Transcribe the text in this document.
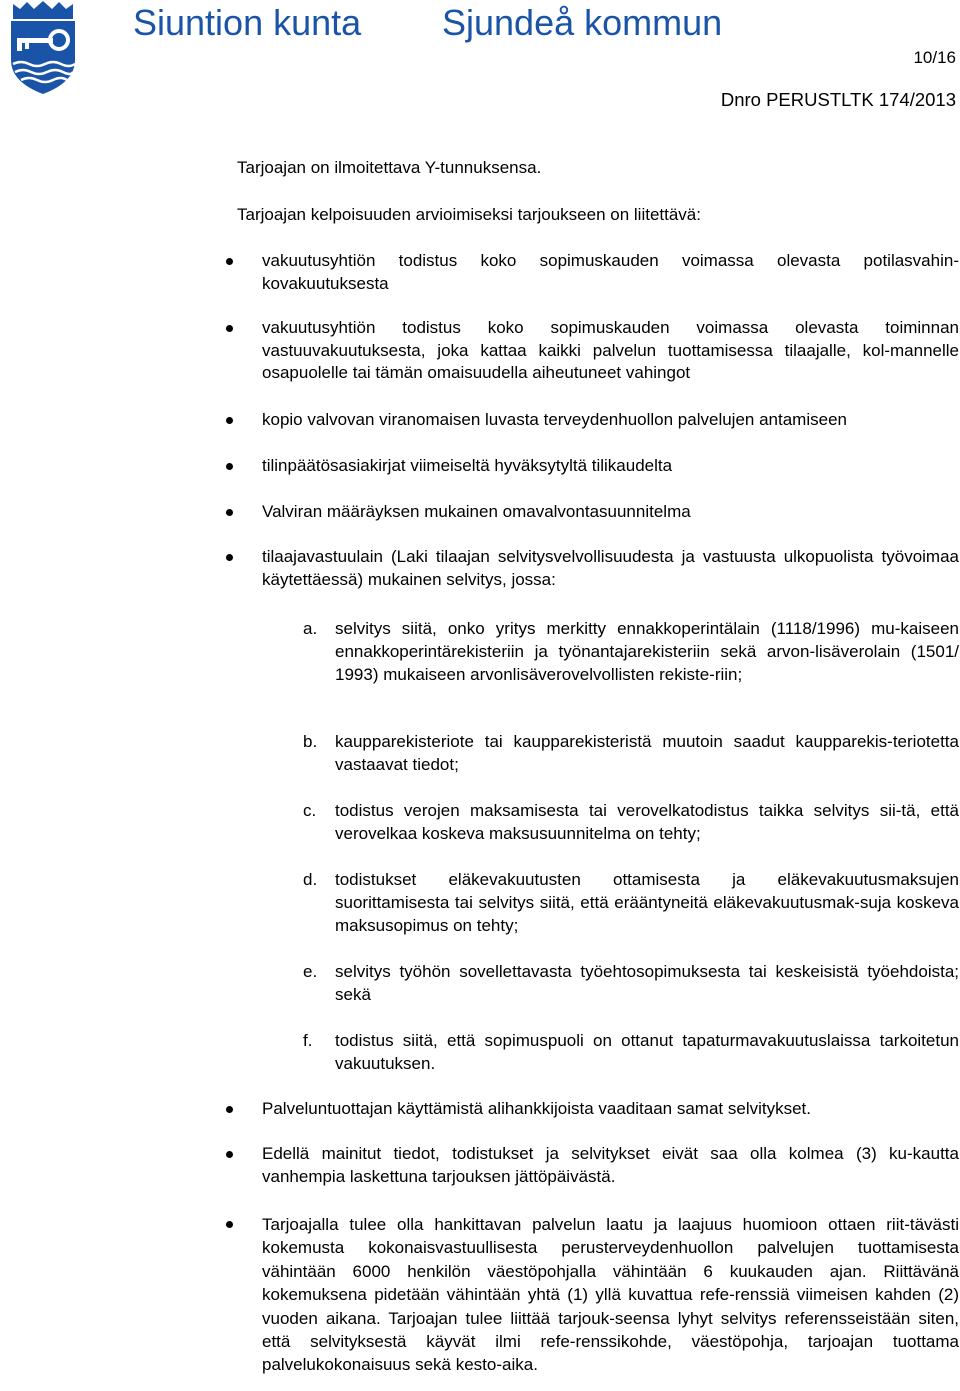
Siuntion kunta Sjundeå kommun
10/16
Dnro PERUSTLTK 174/2013
Tarjoajan on ilmoitettava Y-tunnuksensa.
Tarjoajan kelpoisuuden arvioimiseksi tarjoukseen on liitettävä:
vakuutusyhtiön todistus koko sopimuskauden voimassa olevasta potilasvahin-kovakuutuksesta
vakuutusyhtiön todistus koko sopimuskauden voimassa olevasta toiminnan vastuuvakuutuksesta, joka kattaa kaikki palvelun tuottamisessa tilaajalle, kol-mannelle osapuolelle tai tämän omaisuudella aiheutuneet vahingot
kopio valvovan viranomaisen luvasta terveydenhuollon palvelujen antamiseen
tilinpäätösasiakirjat viimeiseltä hyväksytyltä tilikaudelta
Valviran määräyksen mukainen omavalvontasuunnitelma
tilaajavastuulain (Laki tilaajan selvitysvelvollisuudesta ja vastuusta ulkopuolista työvoimaa käytettäessä) mukainen selvitys, jossa:
a. selvitys siitä, onko yritys merkitty ennakkoperintälain (1118/1996) mu-kaiseen ennakkoperintärekisteriin ja työnantajarekisteriin sekä arvon-lisäverolain (1501/ 1993) mukaiseen arvonlisäverovelvollisten rekiste-riin;
b. kaupparekisteriote tai kaupparekisteristä muutoin saadut kaupparekis-teriotetta vastaavat tiedot;
c. todistus verojen maksamisesta tai verovelkatodistus taikka selvitys sii-tä, että verovelkaa koskeva maksusuunnitelma on tehty;
d. todistukset eläkevakuutusten ottamisesta ja eläkevakuutusmaksujen suorittamisesta tai selvitys siitä, että erääntyneitä eläkevakuutusmak-suja koskeva maksusopimus on tehty;
e. selvitys työhön sovellettavasta työehtosopimuksesta tai keskeisistä työehdoista; sekä
f. todistus siitä, että sopimuspuoli on ottanut tapaturmavakuutuslaissa tarkoitetun vakuutuksen.
Palveluntuottajan käyttämistä alihankkijoista vaaditaan samat selvitykset.
Edellä mainitut tiedot, todistukset ja selvitykset eivät saa olla kolmea (3) ku-kautta vanhempia laskettuna tarjouksen jättöpäivästä.
Tarjoajalla tulee olla hankittavan palvelun laatu ja laajuus huomioon ottaen riit-tävästi kokemusta kokonaisvastuullisesta perusterveydenhuollon palvelujen tuottamisesta vähintään 6000 henkilön väestöpohjalla vähintään 6 kuukauden ajan. Riittävänä kokemuksena pidetään vähintään yhtä (1) yllä kuvattua refe-renssiä viimeisen kahden (2) vuoden aikana. Tarjoajan tulee liittää tarjouk-seensa lyhyt selvitys referensseistään siten, että selvityksestä käyvät ilmi refe-renssikohde, väestöpohja, tarjoajan tuottama palvelukokonaisuus sekä kesto-aika.
